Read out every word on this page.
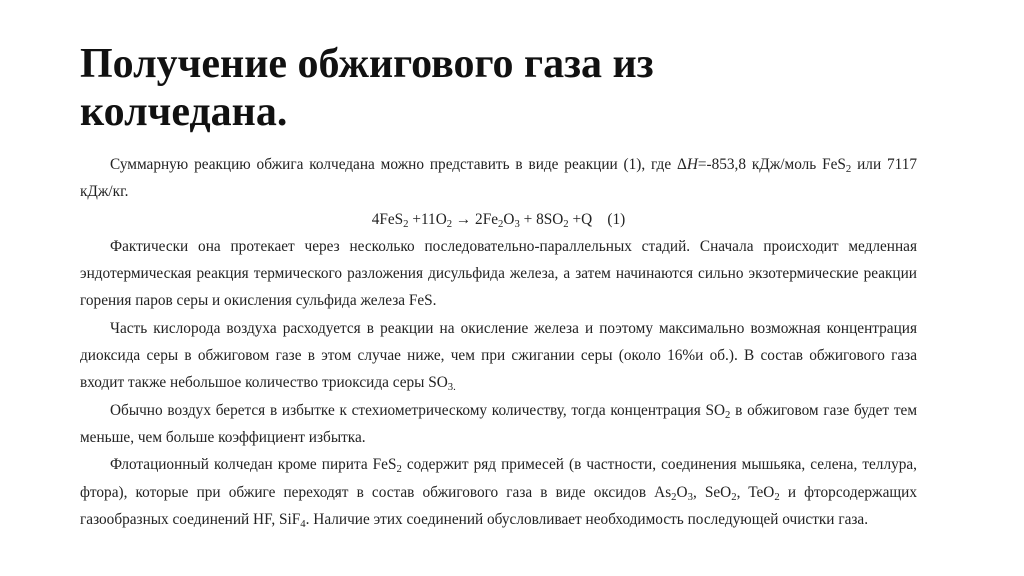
Получение обжигового газа из
колчедана.

Суммарную реакцию обжига колчедана можно представить в виде реакции (1), где ΔH=-853,8 кДж/моль FeS$_2$ или 7117 кДж/кг.

$4FeS_2 +11O_2 \to 2Fe_2O_3 + 8SO_2 +Q$    (1)

Фактически она протекает через несколько последовательно-параллельных стадий. Сначала происходит медленная эндотермическая реакция термического разложения дисульфида железа, а затем начинаются сильно экзотермические реакции горения паров серы и окисления сульфида железа FeS.

Часть кислорода воздуха расходуется в реакции на окисление железа и поэтому максимально возможная концентрация диоксида серы в обжиговом газе в этом случае ниже, чем при сжигании серы (около 16%и об.). В состав обжигового газа входит также небольшое количество триоксида серы $SO_{3.}$

Обычно воздух берется в избытке к стехиометрическому количеству, тогда концентрация $SO_2$ в обжиговом газе будет тем меньше, чем больше коэффициент избытка.

Флотационный колчедан кроме пирита FeS$_2$ содержит ряд примесей (в частности, соединения мышьяка, селена, теллура, фтора), которые при обжиге переходят в состав обжигового газа в виде оксидов $As_2O_3$, SeO$_2$, TeO$_2$ и фторсодержащих газообразных соединений HF, SiF$_4$. Наличие этих соединений обусловливает необходимость последующей очистки газа.
